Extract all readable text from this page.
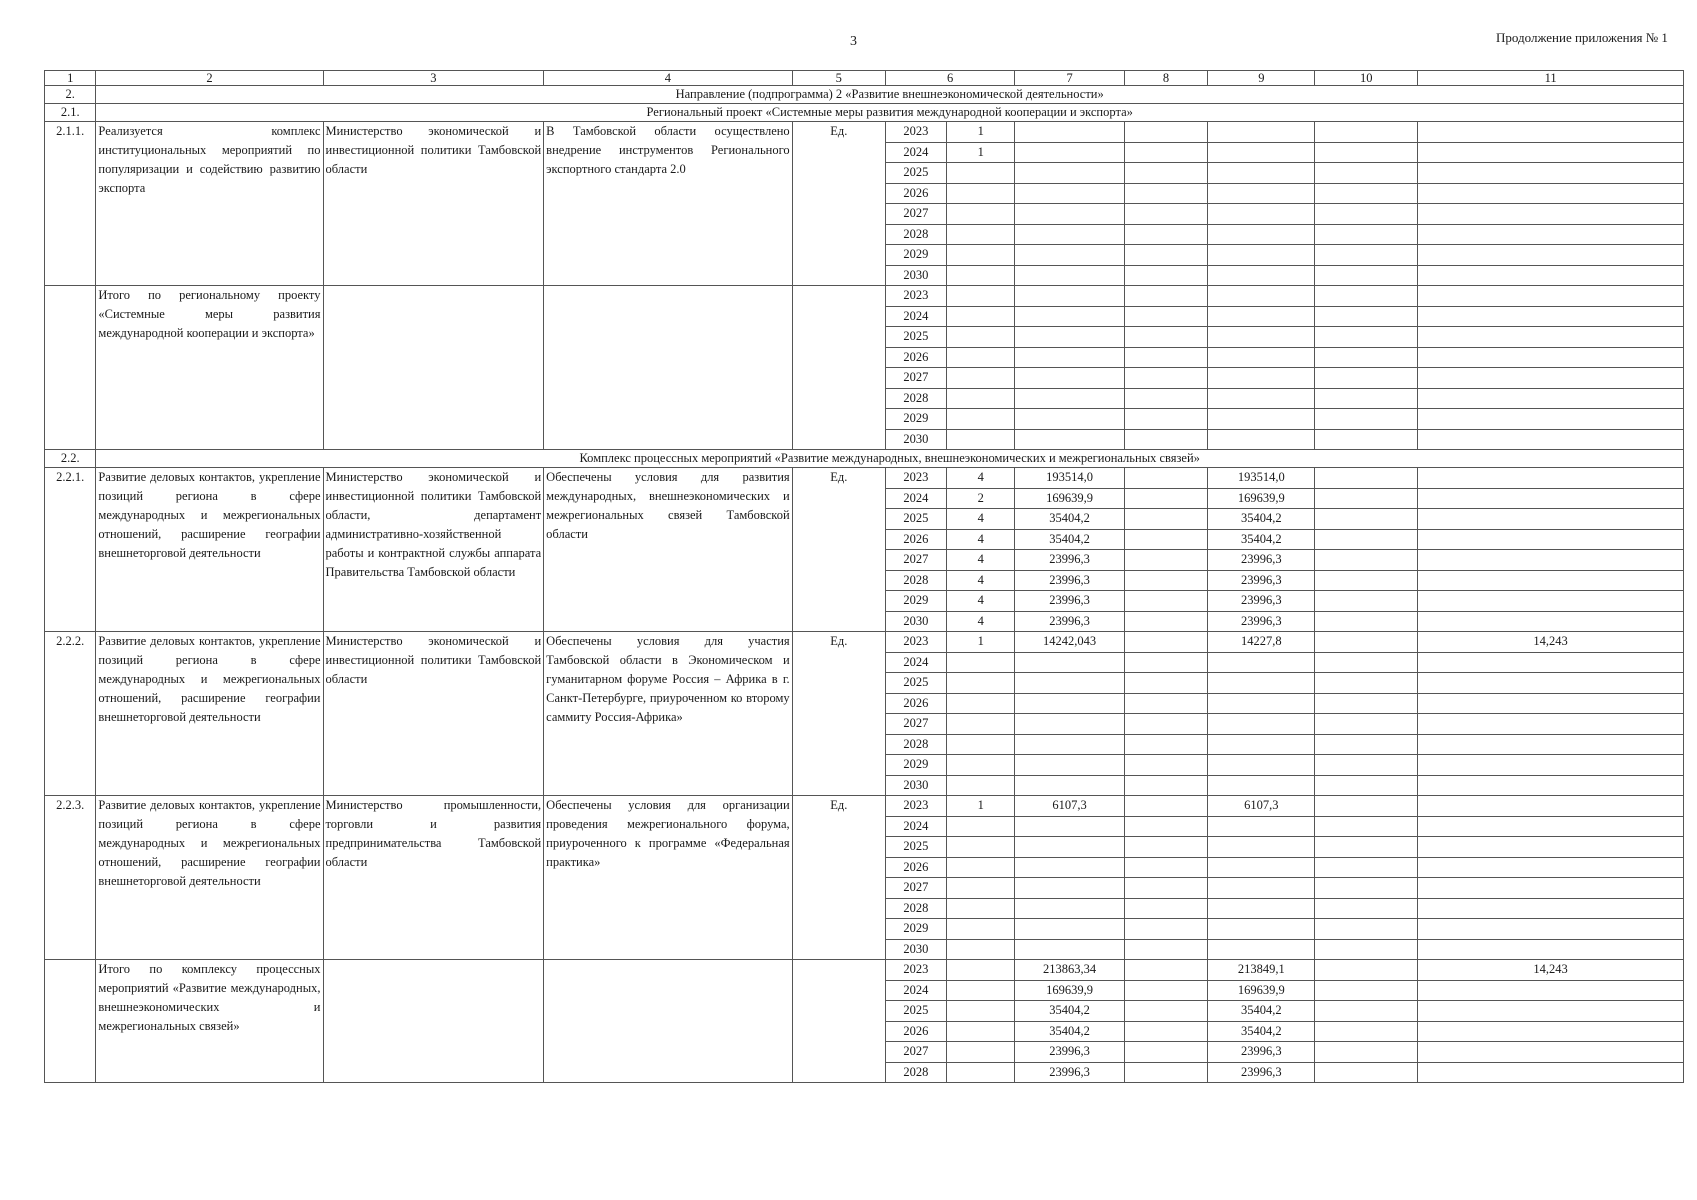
3	Продолжение приложения № 1
1	2	3	4	5	6		7	8	9	10	11
2.	Направление (подпрограмма) 2 «Развитие внешнеэкономической деятельности»										
2.1.	Региональный проект «Системные меры развития международной кооперации и экспорта»										
2.1.1.	Реализуется комплекс институциональных мероприятий по популяризации и содействию развитию экспорта	Министерство экономической и инвестиционной политики Тамбовской области	В Тамбовской области осуществлено внедрение инструментов Регионального экспортного стандарта 2.0	Ед.	2023	1					
					2024	1					
					2025						
					2026						
					2027						
					2028						
					2029						
					2030						
	Итого по региональному проекту «Системные меры развития международной кооперации и экспорта»				2023						
					2024						
					2025						
					2026						
					2027						
					2028						
					2029						
					2030						
2.2.	Комплекс процессных мероприятий «Развитие международных, внешнеэкономических и межрегиональных связей»										
2.2.1.	Развитие деловых контактов, укрепление позиций региона в сфере международных и межрегиональных отношений, расширение географии внешнеторговой деятельности	Министерство экономической и инвестиционной политики Тамбовской области, департамент административно-хозяйственной работы и контрактной службы аппарата Правительства Тамбовской области	Обеспечены условия для развития международных, внешнеэкономических и межрегиональных связей Тамбовской области	Ед.	2023	4	193514,0		193514,0		
					2024	2	169639,9		169639,9		
					2025	4	35404,2		35404,2		
					2026	4	35404,2		35404,2		
					2027	4	23996,3		23996,3		
					2028	4	23996,3		23996,3		
					2029	4	23996,3		23996,3		
					2030	4	23996,3		23996,3		
2.2.2.	Развитие деловых контактов, укрепление позиций региона в сфере международных и межрегиональных отношений, расширение географии внешнеторговой деятельности	Министерство экономической и инвестиционной политики Тамбовской области	Обеспечены условия для участия Тамбовской области в Экономическом и гуманитарном форуме Россия – Африка в г. Санкт-Петербурге, приуроченном ко второму саммиту Россия-Африка»	Ед.	2023	1	14242,043		14227,8		14,243
					2024						
					2025						
					2026						
					2027						
					2028						
					2029						
					2030						
2.2.3.	Развитие деловых контактов, укрепление позиций региона в сфере международных и межрегиональных отношений, расширение географии внешнеторговой деятельности	Министерство промышленности, торговли и развития предпринимательства Тамбовской области	Обеспечены условия для организации проведения межрегионального форума, приуроченного к программе «Федеральная практика»	Ед.	2023	1	6107,3		6107,3		
					2024						
					2025						
					2026						
					2027						
					2028						
					2029						
					2030						
	Итого по комплексу процессных мероприятий «Развитие международных, внешнеэкономических и межрегиональных связей»				2023		213863,34		213849,1		14,243
					2024		169639,9		169639,9		
					2025		35404,2		35404,2		
					2026		35404,2		35404,2		
					2027		23996,3		23996,3		
					2028		23996,3		23996,3		
